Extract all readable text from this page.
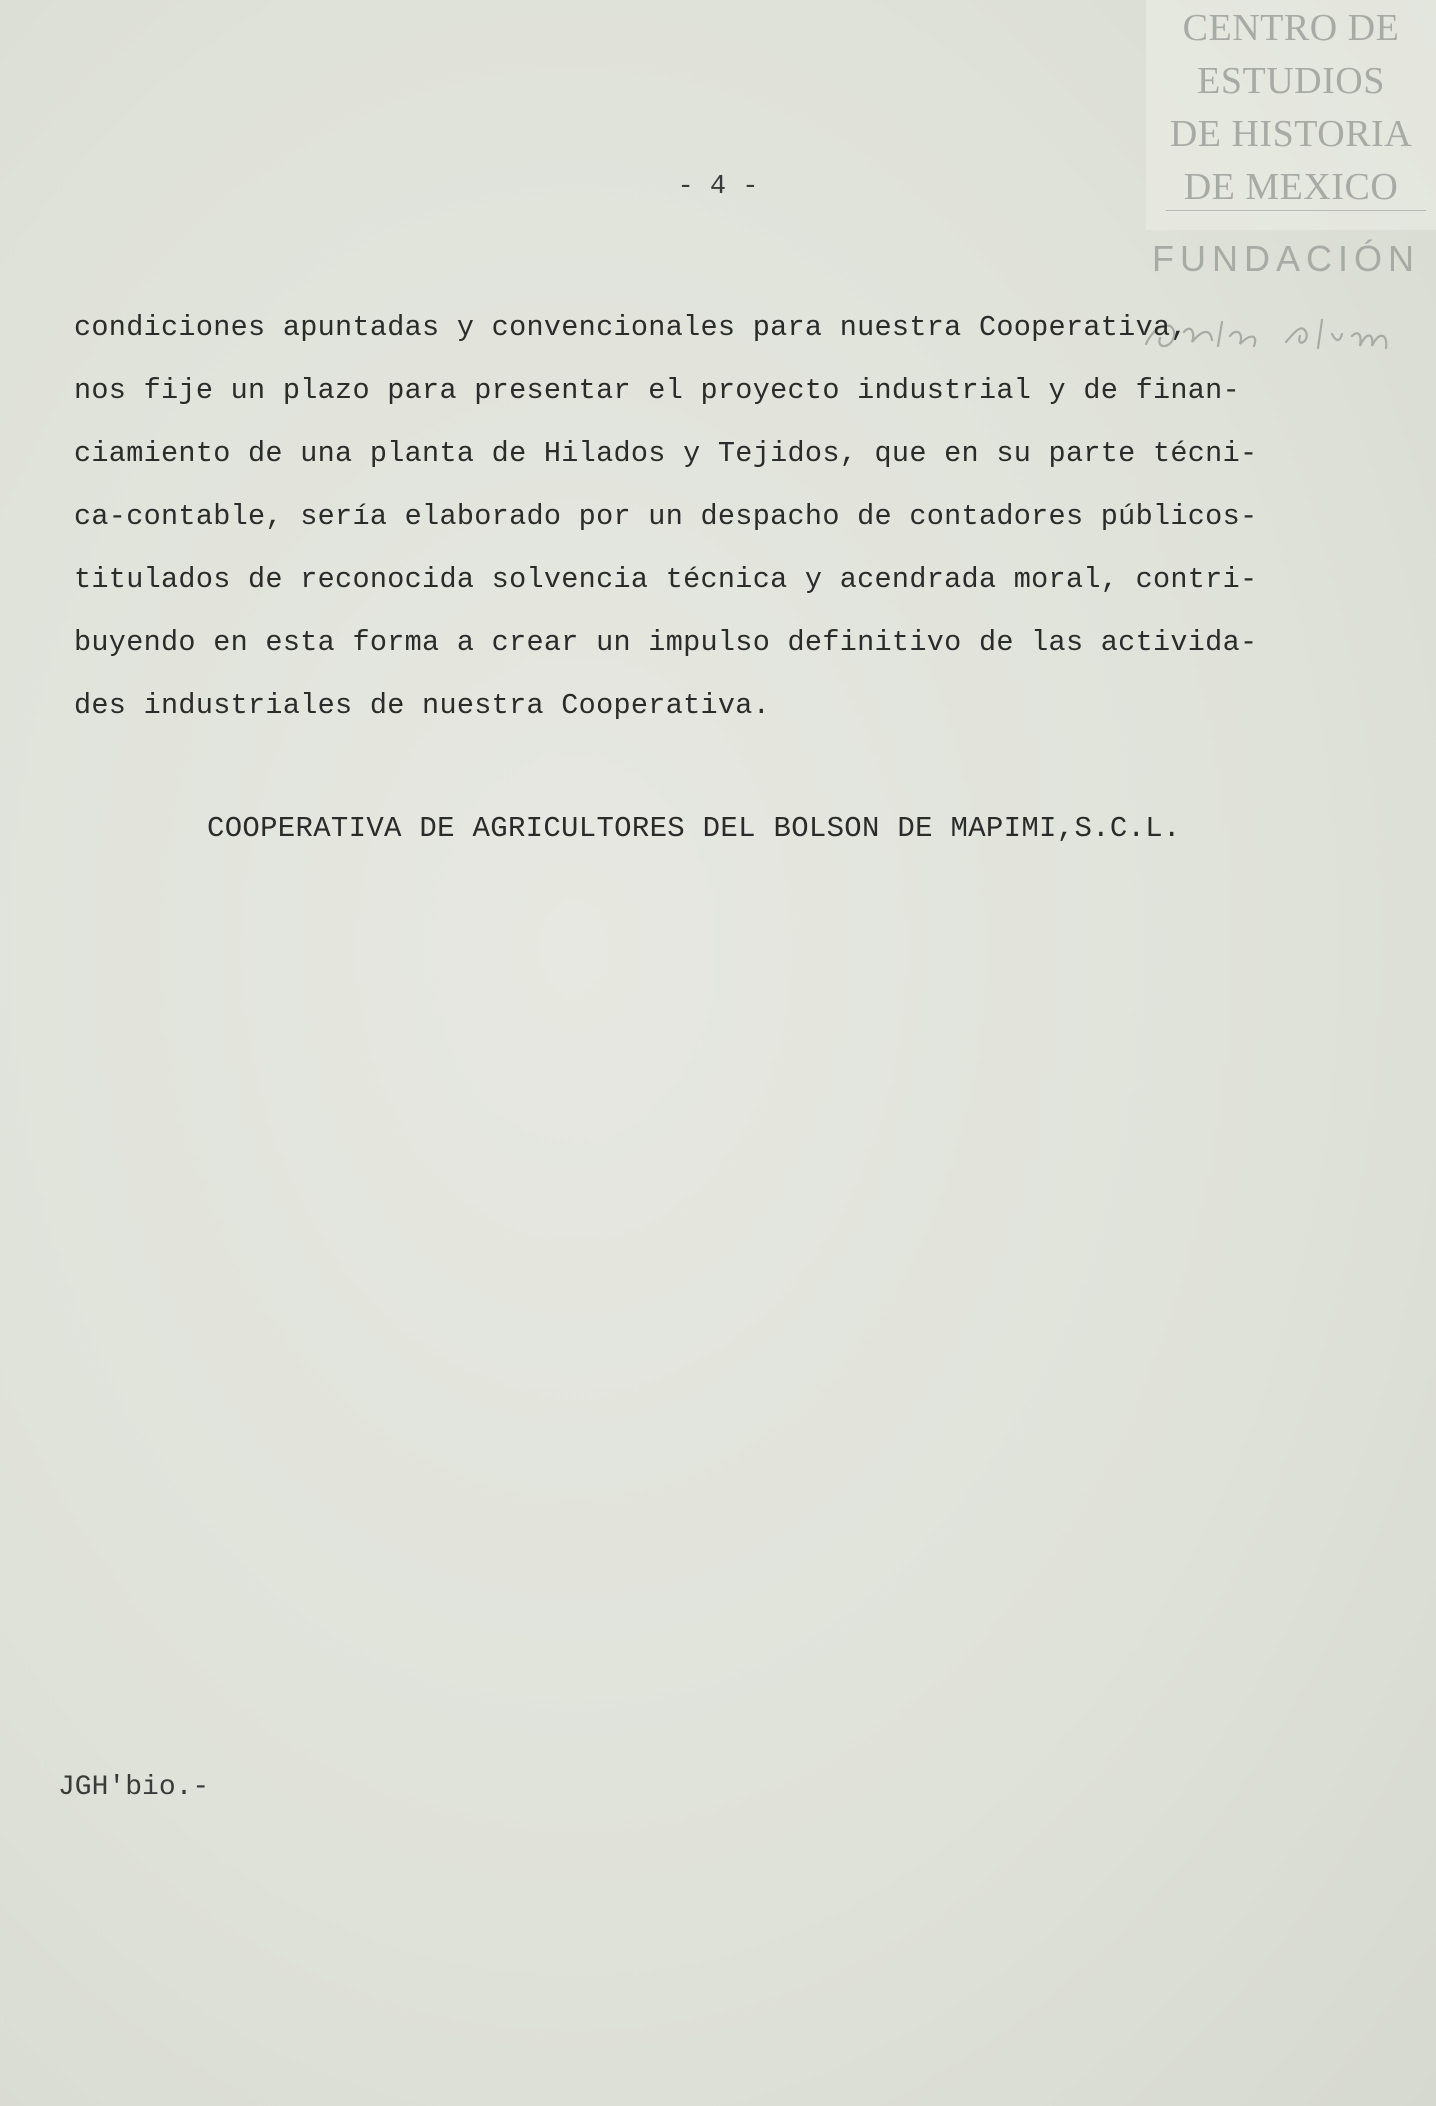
CENTRO DE
ESTUDIOS
DE HISTORIA
DE MEXICO
FUNDACIÓN
- 4 -
condiciones apuntadas y convencionales para nuestra Cooperativa,
nos fije un plazo para presentar el proyecto industrial y de finan-
ciamiento de una planta de Hilados y Tejidos, que en su parte técni-
ca-contable, sería elaborado por un despacho de contadores públicos-
titulados de reconocida solvencia técnica y acendrada moral, contri-
buyendo en esta forma a crear un impulso definitivo de las activida-
des industriales de nuestra Cooperativa.
COOPERATIVA DE AGRICULTORES DEL BOLSON DE MAPIMI,S.C.L.
JGH'bio.-
